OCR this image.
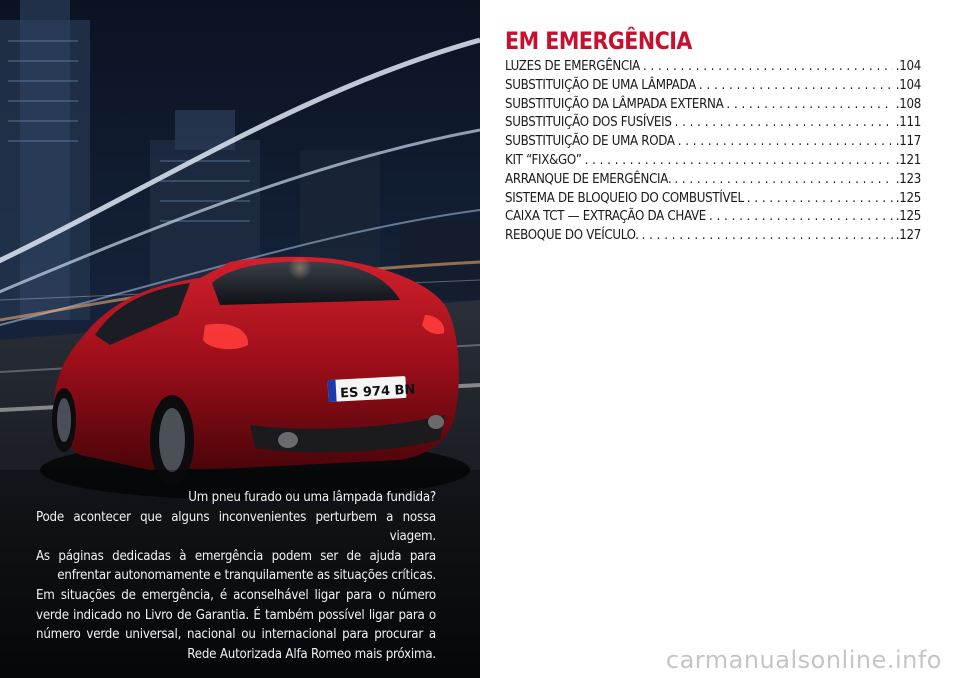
ES 974 BN

Um pneu furado ou uma lâmpada fundida?

Pode acontecer que alguns inconvenientes perturbem a nossa viagem.

As páginas dedicadas à emergência podem ser de ajuda para enfrentar autonomamente e tranquilamente as situações críticas.

Em situações de emergência, é aconselhável ligar para o número verde indicado no Livro de Garantia. É também possível ligar para o número verde universal, nacional ou internacional para procurar a Rede Autorizada Alfa Romeo mais próxima.

EM EMERGÊNCIA
LUZES DE EMERGÊNCIA . . .	.104
SUBSTITUIÇÃO DE UMA LÂMPADA . . .	.104
SUBSTITUIÇÃO DA LÂMPADA EXTERNA . . .	.108
SUBSTITUIÇÃO DOS FUSÍVEIS . . .	.111
SUBSTITUIÇÃO DE UMA RODA . . .	.117
KIT “FIX&GO” . . .	.121
ARRANQUE DE EMERGÊNCIA. . . .	.123
SISTEMA DE BLOQUEIO DO COMBUSTÍVEL . . .	.125
CAIXA TCT — EXTRAÇÃO DA CHAVE . . .	.125
REBOQUE DO VEÍCULO. . . .	.127
carmanualsonline.info
